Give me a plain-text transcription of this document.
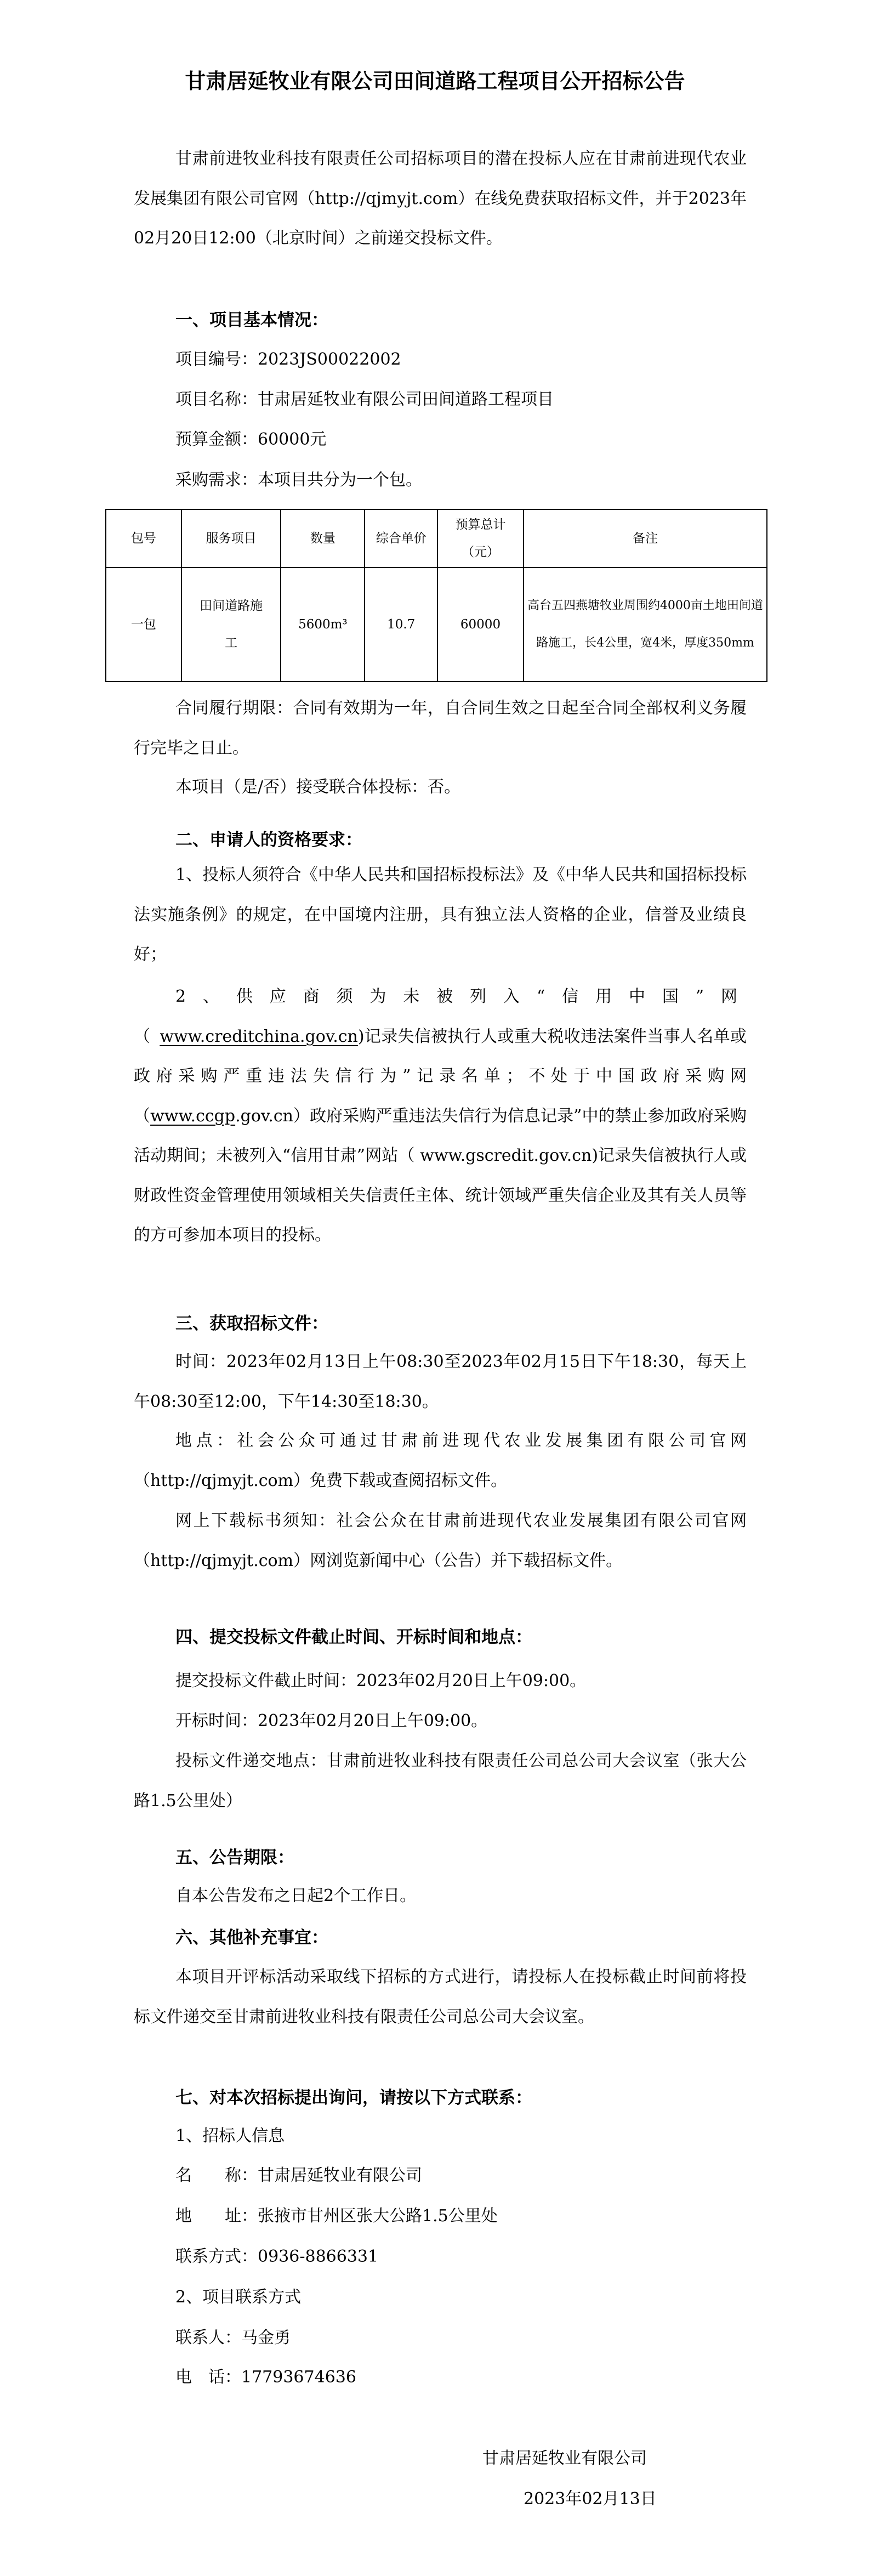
甘肃居延牧业有限公司田间道路工程项目公开招标公告
甘肃前进牧业科技有限责任公司招标项目的潜在投标人应在甘肃前进现代农业发展集团有限公司官网（http://qjmyjt.com）在线免费获取招标文件，并于2023年02月20日12:00（北京时间）之前递交投标文件。
一、项目基本情况：
项目编号：2023JS00022002
项目名称：甘肃居延牧业有限公司田间道路工程项目
预算金额：60000元
采购需求：本项目共分为一个包。
包号	服务项目	数量	综合单价	预算总计（元）	备注
一包	田间道路施工	5600m³	10.7	60000	高台五四燕塘牧业周围约4000亩土地田间道路施工，长4公里，宽4米，厚度350mm
合同履行期限：合同有效期为一年，自合同生效之日起至合同全部权利义务履行完毕之日止。
本项目（是/否）接受联合体投标：否。
二、申请人的资格要求：
1、投标人须符合《中华人民共和国招标投标法》及《中华人民共和国招标投标法实施条例》的规定，在中国境内注册，具有独立法人资格的企业，信誉及业绩良好；
2、供应商须为未被列入“信用中国”网（www.creditchina.gov.cn)记录失信被执行人或重大税收违法案件当事人名单或政府采购严重违法失信行为”记录名单；不处于中国政府采购网（www.ccgp.gov.cn）政府采购严重违法失信行为信息记录”中的禁止参加政府采购活动期间；未被列入“信用甘肃”网站（ www.gscredit.gov.cn)记录失信被执行人或财政性资金管理使用领域相关失信责任主体、统计领域严重失信企业及其有关人员等的方可参加本项目的投标。
三、获取招标文件：
时间：2023年02月13日上午08:30至2023年02月15日下午18:30，每天上午08:30至12:00，下午14:30至18:30。
地点：社会公众可通过甘肃前进现代农业发展集团有限公司官网（http://qjmyjt.com）免费下载或查阅招标文件。
网上下载标书须知：社会公众在甘肃前进现代农业发展集团有限公司官网（http://qjmyjt.com）网浏览新闻中心（公告）并下载招标文件。
四、提交投标文件截止时间、开标时间和地点：
提交投标文件截止时间：2023年02月20日上午09:00。
开标时间：2023年02月20日上午09:00。
投标文件递交地点：甘肃前进牧业科技有限责任公司总公司大会议室（张大公路1.5公里处）
五、公告期限：
自本公告发布之日起2个工作日。
六、其他补充事宜：
本项目开评标活动采取线下招标的方式进行，请投标人在投标截止时间前将投标文件递交至甘肃前进牧业科技有限责任公司总公司大会议室。
七、对本次招标提出询问，请按以下方式联系：
1、招标人信息
名　　称：甘肃居延牧业有限公司
地　　址：张掖市甘州区张大公路1.5公里处
联系方式：0936-8866331
2、项目联系方式
联系人：马金勇
电　话：17793674636
甘肃居延牧业有限公司
2023年02月13日
